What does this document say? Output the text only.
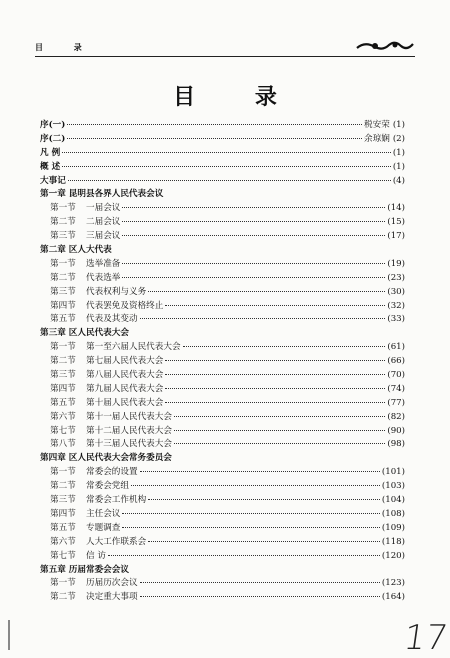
目 录
目 录
序(一)	税安荣 (1)
序(二)	余琼娴 (2)
凡 例	(1)
概 述	(1)
大事记	(4)
第一章 昆明县各界人民代表会议
第一节 一届会议	(14)
第二节 二届会议	(15)
第三节 三届会议	(17)
第二章 区人大代表
第一节 选举准备	(19)
第二节 代表选举	(23)
第三节 代表权利与义务	(30)
第四节 代表罢免及资格终止	(32)
第五节 代表及其变动	(33)
第三章 区人民代表大会
第一节 第一至六届人民代表大会	(61)
第二节 第七届人民代表大会	(66)
第三节 第八届人民代表大会	(70)
第四节 第九届人民代表大会	(74)
第五节 第十届人民代表大会	(77)
第六节 第十一届人民代表大会	(82)
第七节 第十二届人民代表大会	(90)
第八节 第十三届人民代表大会	(98)
第四章 区人民代表大会常务委员会
第一节 常委会的设置	(101)
第二节 常委会党组	(103)
第三节 常委会工作机构	(104)
第四节 主任会议	(108)
第五节 专题调查	(109)
第六节 人大工作联系会	(118)
第七节 信 访	(120)
第五章 历届常委会会议
第一节 历届历次会议	(123)
第二节 决定重大事项	(164)
17
